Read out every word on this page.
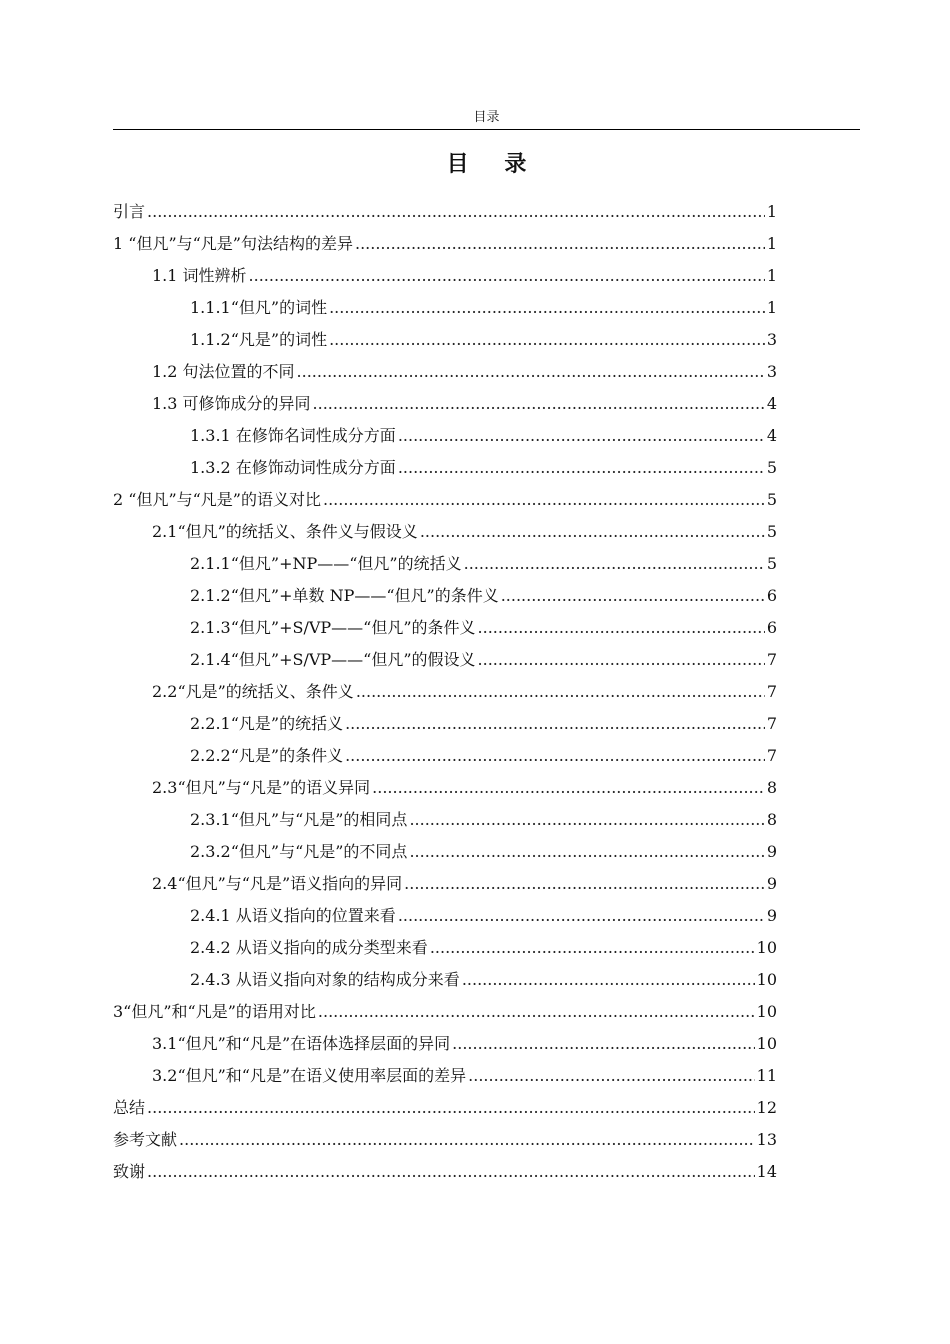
目录
目 录
引言 .....	1
1 “但凡”与“凡是”句法结构的差异 .....	1
1.1 词性辨析 .....	1
1.1.1“但凡”的词性 .....	1
1.1.2“凡是”的词性 .....	3
1.2 句法位置的不同 .....	3
1.3 可修饰成分的异同 .....	4
1.3.1 在修饰名词性成分方面 .....	4
1.3.2 在修饰动词性成分方面 .....	5
2 “但凡”与“凡是”的语义对比 .....	5
2.1“但凡”的统括义、条件义与假设义 .....	5
2.1.1“但凡”+NP——“但凡”的统括义 .....	5
2.1.2“但凡”+单数 NP——“但凡”的条件义 .....	6
2.1.3“但凡”+S/VP——“但凡”的条件义 .....	6
2.1.4“但凡”+S/VP——“但凡”的假设义 .....	7
2.2“凡是”的统括义、条件义 .....	7
2.2.1“凡是”的统括义 .....	7
2.2.2“凡是”的条件义 .....	7
2.3“但凡”与“凡是”的语义异同 .....	8
2.3.1“但凡”与“凡是”的相同点 .....	8
2.3.2“但凡”与“凡是”的不同点 .....	9
2.4“但凡”与“凡是”语义指向的异同 .....	9
2.4.1 从语义指向的位置来看 .....	9
2.4.2 从语义指向的成分类型来看 .....	10
2.4.3 从语义指向对象的结构成分来看 .....	10
3“但凡”和“凡是”的语用对比 .....	10
3.1“但凡”和“凡是”在语体选择层面的异同 .....	10
3.2“但凡”和“凡是”在语义使用率层面的差异 .....	11
总结 .....	12
参考文献 .....	13
致谢 .....	14
